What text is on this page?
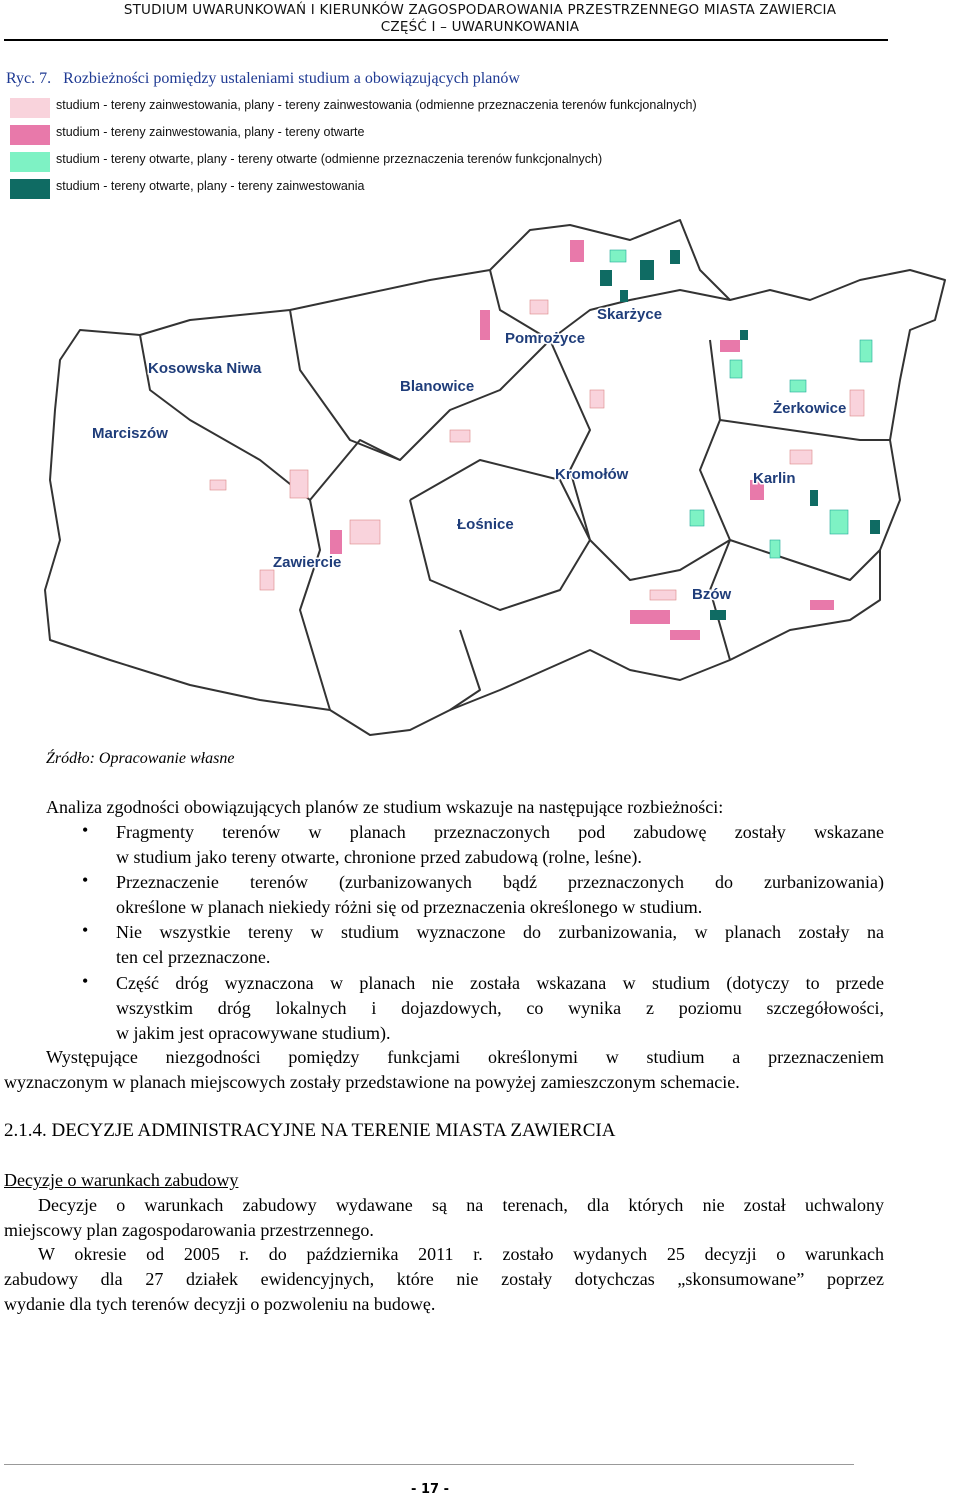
STUDIUM UWARUNKOWAŃ I KIERUNKÓW ZAGOSPODAROWANIA PRZESTRZENNEGO MIASTA ZAWIERCIA
CZĘŚĆ I – UWARUNKOWANIA
Ryc. 7. Rozbieżności pomiędzy ustaleniami studium a obowiązujących planów
studium - tereny zainwestowania, plany - tereny zainwestowania (odmienne przeznaczenia terenów funkcjonalnych)
studium - tereny zainwestowania, plany - tereny otwarte
studium - tereny otwarte, plany - tereny otwarte (odmienne przeznaczenia terenów funkcjonalnych)
studium - tereny otwarte, plany - tereny zainwestowania
Kosowska Niwa
Marciszów
Blanowice
Pomrożyce
Skarżyce
Żerkowice
Kromołów	Karlin
Łośnice
Zawiercie
Bzów
Źródło: Opracowanie własne
Analiza zgodności obowiązujących planów ze studium wskazuje na następujące rozbieżności:
• Fragmenty terenów w planach przeznaczonych pod zabudowę zostały wskazane
w studium jako tereny otwarte, chronione przed zabudową (rolne, leśne).
• Przeznaczenie terenów (zurbanizowanych bądź przeznaczonych do zurbanizowania)
określone w planach niekiedy różni się od przeznaczenia określonego w studium.
• Nie wszystkie tereny w studium wyznaczone do zurbanizowania, w planach zostały na
ten cel przeznaczone.
• Część dróg wyznaczona w planach nie została wskazana w studium (dotyczy to przede
wszystkim dróg lokalnych i dojazdowych, co wynika z poziomu szczegółowości,
w jakim jest opracowywane studium).
Występujące niezgodności pomiędzy funkcjami określonymi w studium a przeznaczeniem
wyznaczonym w planach miejscowych zostały przedstawione na powyżej zamieszczonym schemacie.
2.1.4. DECYZJE ADMINISTRACYJNE NA TERENIE MIASTA ZAWIERCIA
Decyzje o warunkach zabudowy
Decyzje o warunkach zabudowy wydawane są na terenach, dla których nie został uchwalony
miejscowy plan zagospodarowania przestrzennego.
W okresie od 2005 r. do października 2011 r. zostało wydanych 25 decyzji o warunkach
zabudowy dla 27 działek ewidencyjnych, które nie zostały dotychczas „skonsumowane” poprzez
wydanie dla tych terenów decyzji o pozwoleniu na budowę.
- 17 -
